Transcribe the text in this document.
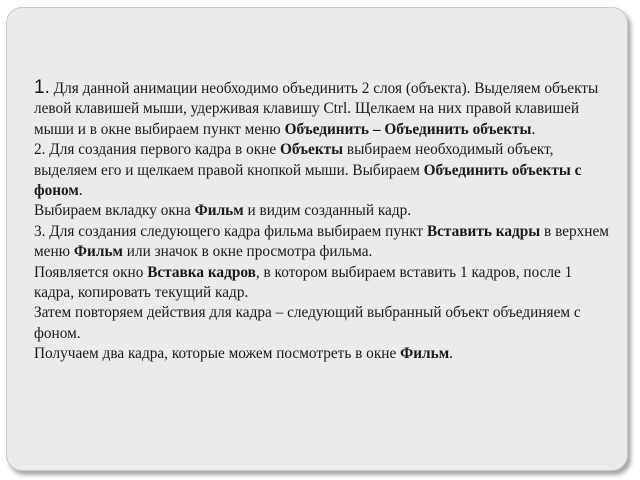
1. Для данной анимации необходимо объединить 2 слоя (объекта). Выделяем объекты левой клавишей мыши, удерживая клавишу Ctrl. Щелкаем на них правой клавишей мыши и в окне выбираем пункт меню Объединить – Объединить объекты.

2. Для создания первого кадра в окне Объекты выбираем необходимый объект, выделяем его и щелкаем правой кнопкой мыши. Выбираем Объединить объекты с фоном.

Выбираем вкладку окна Фильм и видим созданный кадр.

3. Для создания следующего кадра фильма выбираем пункт Вставить кадры в верхнем меню Фильм или значок в окне просмотра фильма.

Появляется окно Вставка кадров, в котором выбираем вставить 1 кадров, после 1 кадра, копировать текущий кадр.

Затем повторяем действия для кадра – следующий выбранный объект объединяем с фоном.

Получаем два кадра, которые можем посмотреть в окне Фильм.
